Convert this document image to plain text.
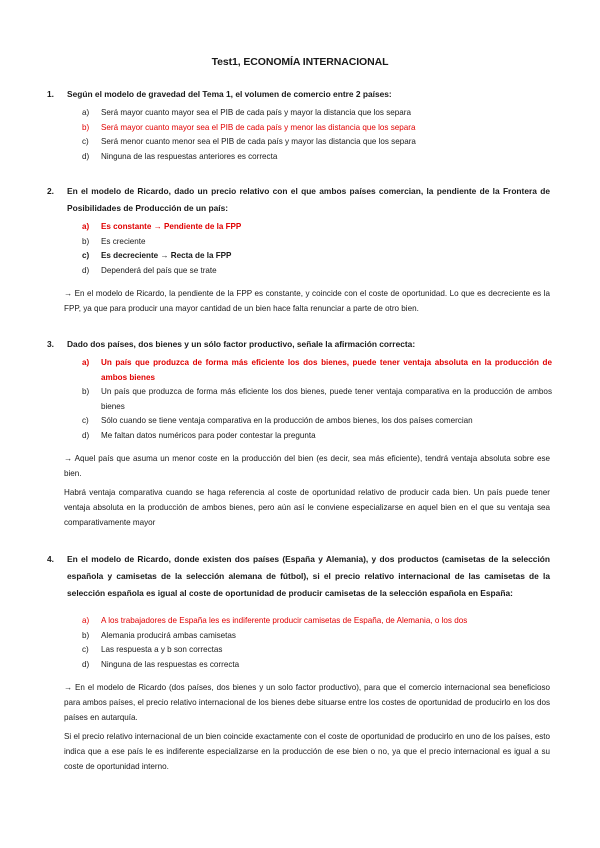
Test1, ECONOMÍA INTERNACIONAL
1. Según el modelo de gravedad del Tema 1, el volumen de comercio entre 2 países:
a)	Será mayor cuanto mayor sea el PIB de cada país y mayor la distancia que los separa
b)	Será mayor cuanto mayor sea el PIB de cada país y menor las distancia que los separa
c)	Será menor cuanto menor sea el PIB de cada país y mayor las distancia que los separa
d)	Ninguna de las respuestas anteriores es correcta
2. En el modelo de Ricardo, dado un precio relativo con el que ambos países comercian, la pendiente de la Frontera de Posibilidades de Producción de un país:
a)	Es constante → Pendiente de la FPP
b)	Es creciente
c)	Es decreciente → Recta de la FPP
d)	Dependerá del país que se trate
→ En el modelo de Ricardo, la pendiente de la FPP es constante, y coincide con el coste de oportunidad. Lo que es decreciente es la FPP, ya que para producir una mayor cantidad de un bien hace falta renunciar a parte de otro bien.
3. Dado dos países, dos bienes y un sólo factor productivo, señale la afirmación correcta:
a)	Un país que produzca de forma más eficiente los dos bienes, puede tener ventaja absoluta en la producción de ambos bienes
b)	Un país que produzca de forma más eficiente los dos bienes, puede tener ventaja comparativa en la producción de ambos bienes
c)	Sólo cuando se tiene ventaja comparativa en la producción de ambos bienes, los dos países comercian
d)	Me faltan datos numéricos para poder contestar la pregunta
→ Aquel país que asuma un menor coste en la producción del bien (es decir, sea más eficiente), tendrá ventaja absoluta sobre ese bien.
Habrá ventaja comparativa cuando se haga referencia al coste de oportunidad relativo de producir cada bien. Un país puede tener ventaja absoluta en la producción de ambos bienes, pero aún así le conviene especializarse en aquel bien en el que su ventaja sea comparativamente mayor
4. En el modelo de Ricardo, donde existen dos países (España y Alemania), y dos productos (camisetas de la selección española y camisetas de la selección alemana de fútbol), si el precio relativo internacional de las camisetas de la selección española es igual al coste de oportunidad de producir camisetas de la selección española en España:
a)	A los trabajadores de España les es indiferente producir camisetas de España, de Alemania, o los dos
b)	Alemania producirá ambas camisetas
c)	Las respuesta a y b son correctas
d)	Ninguna de las respuestas es correcta
→ En el modelo de Ricardo (dos países, dos bienes y un solo factor productivo), para que el comercio internacional sea beneficioso para ambos países, el precio relativo internacional de los bienes debe situarse entre los costes de oportunidad de producirlo en los dos países en autarquía.
Si el precio relativo internacional de un bien coincide exactamente con el coste de oportunidad de producirlo en uno de los países, esto indica que a ese país le es indiferente especializarse en la producción de ese bien o no, ya que el precio internacional es igual a su coste de oportunidad interno.
